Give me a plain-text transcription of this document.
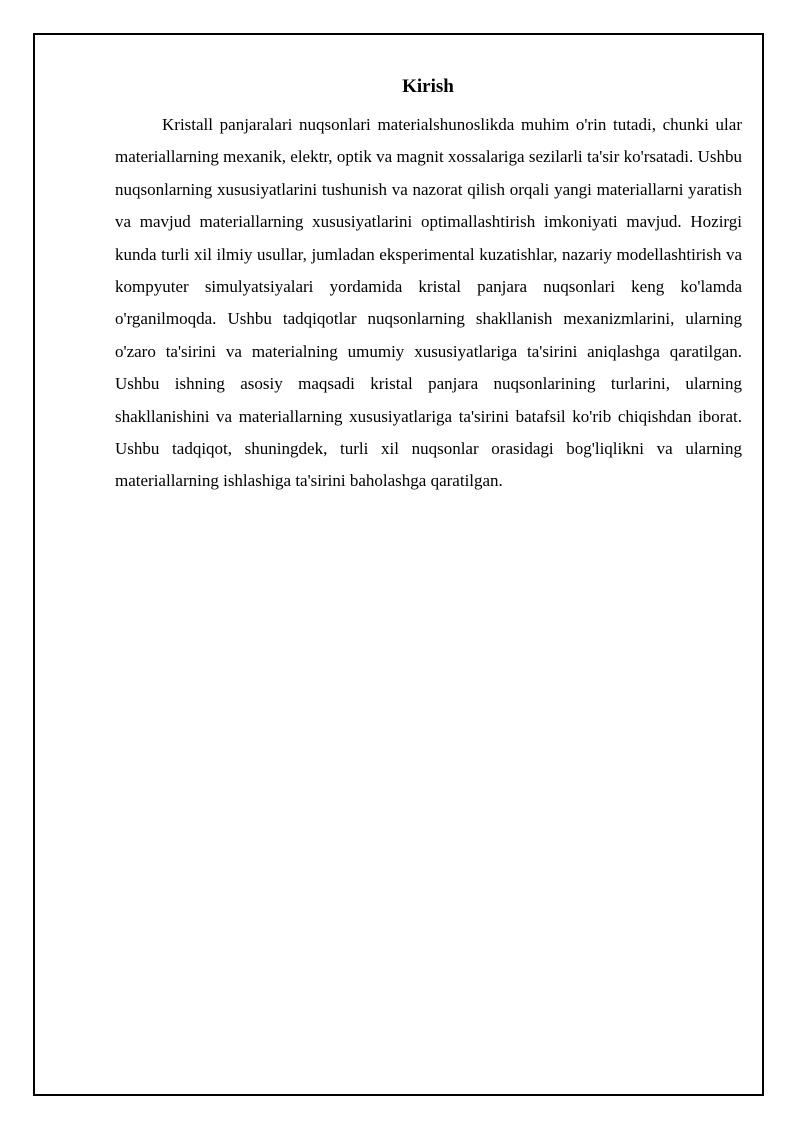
Kirish

Kristall panjaralari nuqsonlari materialshunoslikda muhim o'rin tutadi, chunki ular materiallarning mexanik, elektr, optik va magnit xossalariga sezilarli ta'sir ko'rsatadi. Ushbu nuqsonlarning xususiyatlarini tushunish va nazorat qilish orqali yangi materiallarni yaratish va mavjud materiallarning xususiyatlarini optimallashtirish imkoniyati mavjud. Hozirgi kunda turli xil ilmiy usullar, jumladan eksperimental kuzatishlar, nazariy modellashtirish va kompyuter simulyatsiyalari yordamida kristal panjara nuqsonlari keng ko'lamda o'rganilmoqda. Ushbu tadqiqotlar nuqsonlarning shakllanish mexanizmlarini, ularning o'zaro ta'sirini va materialning umumiy xususiyatlariga ta'sirini aniqlashga qaratilgan. Ushbu ishning asosiy maqsadi kristal panjara nuqsonlarining turlarini, ularning shakllanishini va materiallarning xususiyatlariga ta'sirini batafsil ko'rib chiqishdan iborat. Ushbu tadqiqot, shuningdek, turli xil nuqsonlar orasidagi bog'liqlikni va ularning materiallarning ishlashiga ta'sirini baholashga qaratilgan.
